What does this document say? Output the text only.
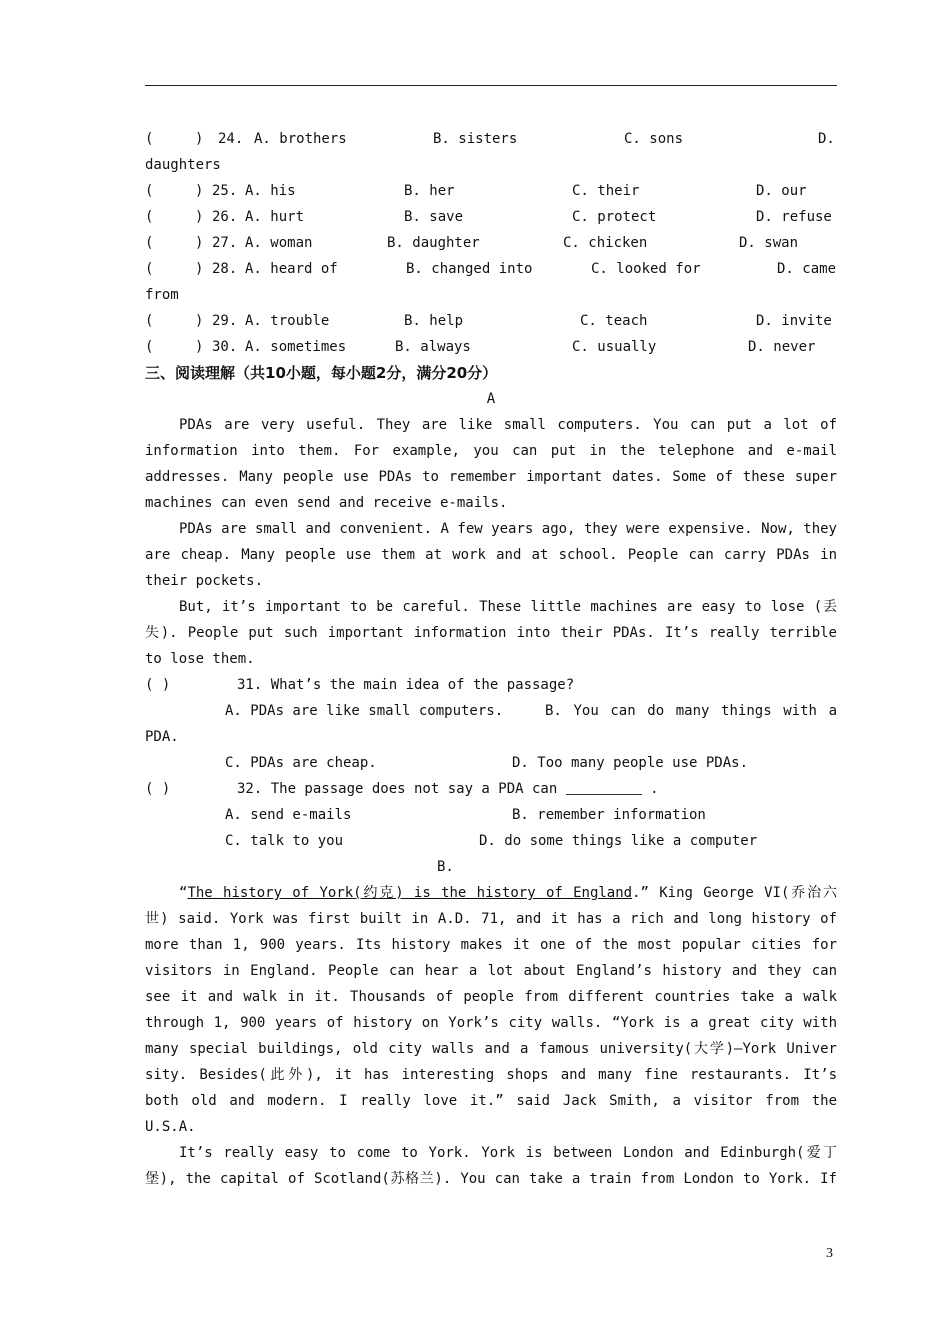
(	) 24. A. brothers	B. sisters	C. sons	D.
daughters
(	) 25. A. his	B. her	C. their	D. our
(	) 26. A. hurt	B. save	C. protect	D. refuse
(	) 27. A. woman	B. daughter	C. chicken	D. swan
(	) 28. A. heard of	B. changed into	C. looked for	D. came
from
(	) 29. A. trouble	B. help	C. teach	D. invite
(	) 30. A. sometimes	B. always	C. usually	D. never
三、阅读理解（共10小题，每小题2分，满分20分）
A
PDAs are very useful. They are like small computers. You can put a lot of
information into them. For example, you can put in the telephone and e-mail
addresses. Many people use PDAs to remember important dates. Some of these super
machines can even send and receive e-mails.
PDAs are small and convenient. A few years ago, they were expensive. Now, they
are cheap. Many people use them at work and at school. People can carry PDAs in
their pockets.
But, it’s important to be careful. These little machines are easy to lose (丢
失). People put such important information into their PDAs. It’s really terrible
to lose them.
( )	31. What’s the main idea of the passage?
A. PDAs are like small computers.	B. You can do many things with a
PDA.
C. PDAs are cheap.	D. Too many people use PDAs.
( )	32. The passage does not say a PDA can	.
A. send e-mails	B. remember information
C. talk to you	D. do some things like a computer
B.
“The history of York(约克) is the history of England.” King George VI(乔治六
世) said. York was first built in A.D. 71, and it has a rich and long history of
more than 1, 900 years. Its history makes it one of the most popular cities for
visitors in England. People can hear a lot about England’s history and they can
see it and walk in it. Thousands of people from different countries take a walk
through 1, 900 years of history on York’s city walls. “York is a great city with
many special buildings, old city walls and a famous university(大学)—York Univer
sity. Besides(此外), it has interesting shops and many fine restaurants. It’s
both old and modern. I really love it.” said Jack Smith, a visitor from the
U.S.A.
It’s really easy to come to York. York is between London and Edinburgh(爱丁
堡), the capital of Scotland(苏格兰). You can take a train from London to York. If
3
